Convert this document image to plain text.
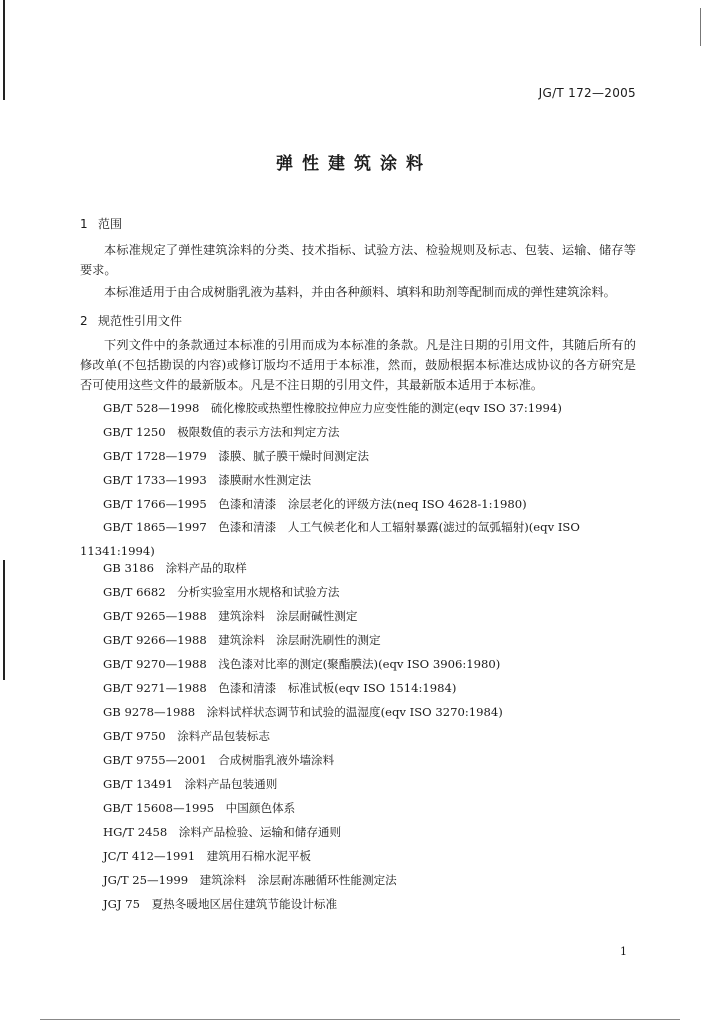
JG/T 172—2005
弹性建筑涂料
1 范围
本标准规定了弹性建筑涂料的分类、技术指标、试验方法、检验规则及标志、包装、运输、储存等要求。
本标准适用于由合成树脂乳液为基料，并由各种颜料、填料和助剂等配制而成的弹性建筑涂料。
2 规范性引用文件
下列文件中的条款通过本标准的引用而成为本标准的条款。凡是注日期的引用文件，其随后所有的修改单(不包括勘误的内容)或修订版均不适用于本标准，然而，鼓励根据本标准达成协议的各方研究是否可使用这些文件的最新版本。凡是不注日期的引用文件，其最新版本适用于本标准。
GB/T 528—1998　硫化橡胶或热塑性橡胶拉伸应力应变性能的测定(eqv ISO 37:1994)
GB/T 1250　极限数值的表示方法和判定方法
GB/T 1728—1979　漆膜、腻子膜干燥时间测定法
GB/T 1733—1993　漆膜耐水性测定法
GB/T 1766—1995　色漆和清漆　涂层老化的评级方法(neq ISO 4628-1:1980)
GB/T 1865—1997　色漆和清漆　人工气候老化和人工辐射暴露(滤过的氙弧辐射)(eqv ISO 11341:1994)
GB 3186　涂料产品的取样
GB/T 6682　分析实验室用水规格和试验方法
GB/T 9265—1988　建筑涂料　涂层耐碱性测定
GB/T 9266—1988　建筑涂料　涂层耐洗刷性的测定
GB/T 9270—1988　浅色漆对比率的测定(聚酯膜法)(eqv ISO 3906:1980)
GB/T 9271—1988　色漆和清漆　标准试板(eqv ISO 1514:1984)
GB 9278—1988　涂料试样状态调节和试验的温湿度(eqv ISO 3270:1984)
GB/T 9750　涂料产品包装标志
GB/T 9755—2001　合成树脂乳液外墙涂料
GB/T 13491　涂料产品包装通则
GB/T 15608—1995　中国颜色体系
HG/T 2458　涂料产品检验、运输和储存通则
JC/T 412—1991　建筑用石棉水泥平板
JG/T 25—1999　建筑涂料　涂层耐冻融循环性能测定法
JGJ 75　夏热冬暖地区居住建筑节能设计标准
1
